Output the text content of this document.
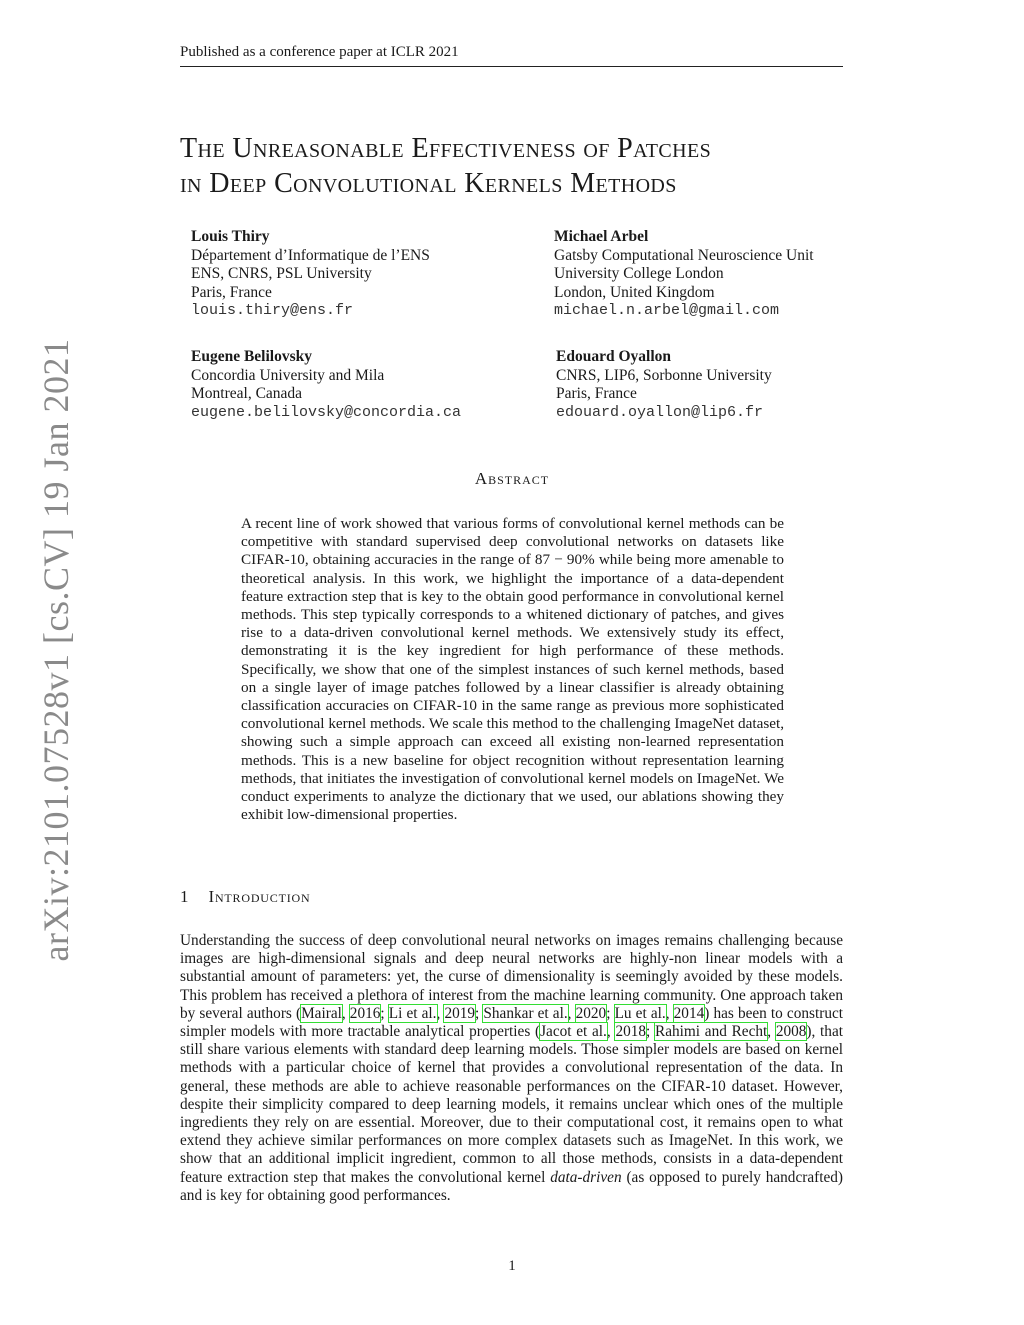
Published as a conference paper at ICLR 2021
arXiv:2101.07528v1 [cs.CV] 19 Jan 2021
The Unreasonable Effectiveness of Patches
in Deep Convolutional Kernels Methods
Louis Thiry
Département d’Informatique de l’ENS
ENS, CNRS, PSL University
Paris, France
louis.thiry@ens.fr
Michael Arbel
Gatsby Computational Neuroscience Unit
University College London
London, United Kingdom
michael.n.arbel@gmail.com
Eugene Belilovsky
Concordia University and Mila
Montreal, Canada
eugene.belilovsky@concordia.ca
Edouard Oyallon
CNRS, LIP6, Sorbonne University
Paris, France
edouard.oyallon@lip6.fr
Abstract
A recent line of work showed that various forms of convolutional kernel methods can be competitive with standard supervised deep convolutional networks on datasets like CIFAR-10, obtaining accuracies in the range of 87 − 90% while being more amenable to theoretical analysis. In this work, we highlight the importance of a data-dependent feature extraction step that is key to the obtain good performance in convolutional kernel methods. This step typically corresponds to a whitened dictionary of patches, and gives rise to a data-driven convolutional kernel methods. We extensively study its effect, demonstrating it is the key ingredient for high performance of these methods. Specifically, we show that one of the simplest instances of such kernel methods, based on a single layer of image patches followed by a linear classifier is already obtaining classification accuracies on CIFAR-10 in the same range as previous more sophisticated convolutional kernel methods. We scale this method to the challenging ImageNet dataset, showing such a simple approach can exceed all existing non-learned representation methods. This is a new baseline for object recognition without representation learning methods, that initiates the investigation of convolutional kernel models on ImageNet. We conduct experiments to analyze the dictionary that we used, our ablations showing they exhibit low-dimensional properties.
1 Introduction
Understanding the success of deep convolutional neural networks on images remains challenging because images are high-dimensional signals and deep neural networks are highly-non linear models with a substantial amount of parameters: yet, the curse of dimensionality is seemingly avoided by these models. This problem has received a plethora of interest from the machine learning community. One approach taken by several authors (Mairal, 2016; Li et al., 2019; Shankar et al., 2020; Lu et al., 2014) has been to construct simpler models with more tractable analytical properties (Jacot et al., 2018; Rahimi and Recht, 2008), that still share various elements with standard deep learning models. Those simpler models are based on kernel methods with a particular choice of kernel that provides a convolutional representation of the data. In general, these methods are able to achieve reasonable performances on the CIFAR-10 dataset. However, despite their simplicity compared to deep learning models, it remains unclear which ones of the multiple ingredients they rely on are essential. Moreover, due to their computational cost, it remains open to what extend they achieve similar performances on more complex datasets such as ImageNet. In this work, we show that an additional implicit ingredient, common to all those methods, consists in a data-dependent feature extraction step that makes the convolutional kernel data-driven (as opposed to purely handcrafted) and is key for obtaining good performances.
1
